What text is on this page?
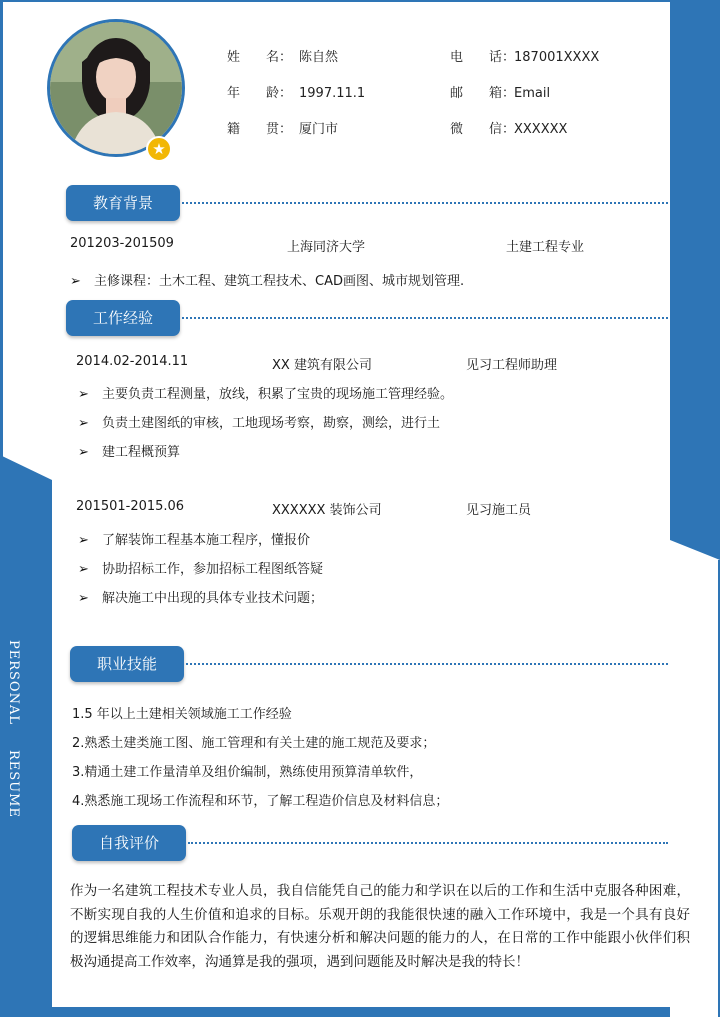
PERSONAL
RESUME
★
姓　　名： 陈自然
年　　龄： 1997.11.1
籍　　贯： 厦门市
电　　话：187001XXXX
邮　　箱：Email
微　　信：XXXXXX
教育背景
201203-201509	上海同济大学	土建工程专业
➢ 主修课程：土木工程、建筑工程技术、CAD画图、城市规划管理.
工作经验
2014.02-2014.11	XX 建筑有限公司	见习工程师助理
➢ 主要负责工程测量，放线，积累了宝贵的现场施工管理经验。
➢ 负责土建图纸的审核，工地现场考察，勘察，测绘，进行土
➢ 建工程概预算
201501-2015.06	XXXXXX 装饰公司	见习施工员
➢ 了解装饰工程基本施工程序，懂报价
➢ 协助招标工作，参加招标工程图纸答疑
➢ 解决施工中出现的具体专业技术问题；
职业技能
1.5 年以上土建相关领域施工工作经验
2.熟悉土建类施工图、施工管理和有关土建的施工规范及要求；
3.精通土建工作量清单及组价编制，熟练使用预算清单软件，
4.熟悉施工现场工作流程和环节，了解工程造价信息及材料信息；
自我评价
作为一名建筑工程技术专业人员，我自信能凭自己的能力和学识在以后的工作和生活中克服各种困难，不断实现自我的人生价值和追求的目标。乐观开朗的我能很快速的融入工作环境中，我是一个具有良好的逻辑思维能力和团队合作能力，有快速分析和解决问题的能力的人，在日常的工作中能跟小伙伴们积极沟通提高工作效率，沟通算是我的强项，遇到问题能及时解决是我的特长！
